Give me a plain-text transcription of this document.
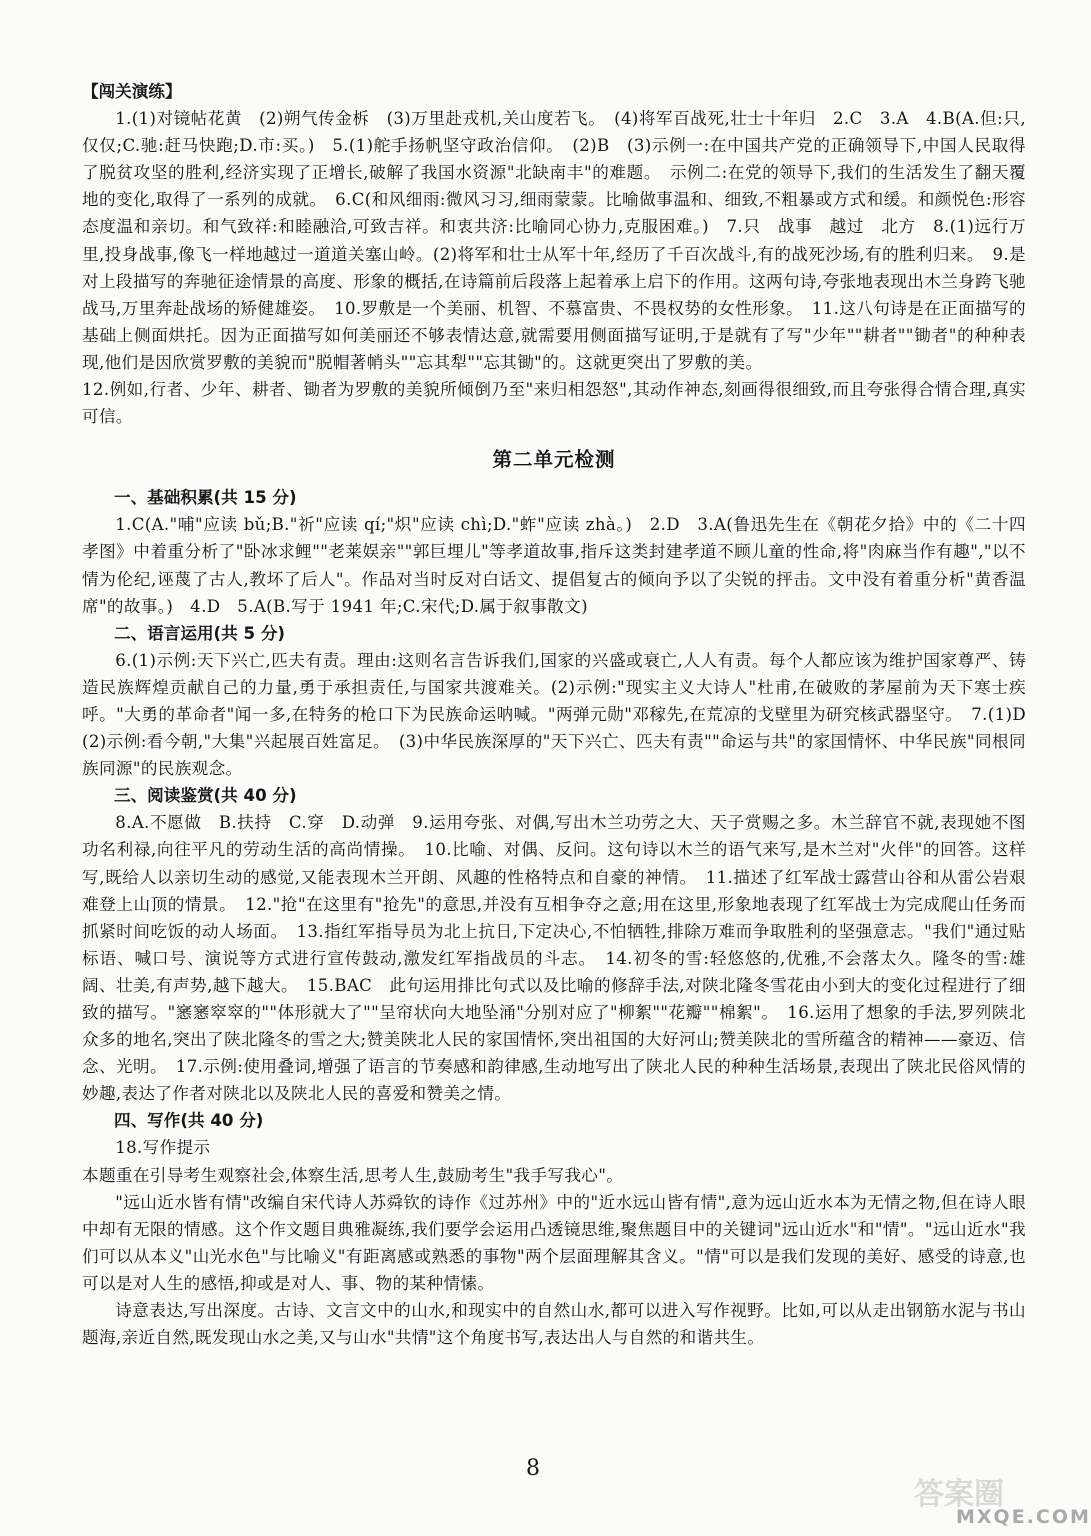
【闯关演练】

1.(1)对镜帖花黄　(2)朔气传金柝　(3)万里赴戎机,关山度若飞。　(4)将军百战死,壮士十年归　2.C　3.A　4.B(A.但:只,仅仅;C.驰:赶马快跑;D.市:买。)　5.(1)舵手扬帆坚守政治信仰。　(2)B　(3)示例一:在中国共产党的正确领导下,中国人民取得了脱贫攻坚的胜利,经济实现了正增长,破解了我国水资源"北缺南丰"的难题。　示例二:在党的领导下,我们的生活发生了翻天覆地的变化,取得了一系列的成就。　6.C(和风细雨:微风习习,细雨蒙蒙。比喻做事温和、细致,不粗暴或方式和缓。和颜悦色:形容态度温和亲切。和气致祥:和睦融洽,可致吉祥。和衷共济:比喻同心协力,克服困难。)　7.只　战事　越过　北方　8.(1)远行万里,投身战事,像飞一样地越过一道道关塞山岭。(2)将军和壮士从军十年,经历了千百次战斗,有的战死沙场,有的胜利归来。　9.是对上段描写的奔驰征途情景的高度、形象的概括,在诗篇前后段落上起着承上启下的作用。这两句诗,夸张地表现出木兰身跨飞驰战马,万里奔赴战场的矫健雄姿。　10.罗敷是一个美丽、机智、不慕富贵、不畏权势的女性形象。　11.这八句诗是在正面描写的基础上侧面烘托。因为正面描写如何美丽还不够表情达意,就需要用侧面描写证明,于是就有了写"少年""耕者""锄者"的种种表现,他们是因欣赏罗敷的美貌而"脱帽著帩头""忘其犁""忘其锄"的。这就更突出了罗敷的美。

12.例如,行者、少年、耕者、锄者为罗敷的美貌所倾倒乃至"来归相怨怒",其动作神态,刻画得很细致,而且夸张得合情合理,真实可信。

第二单元检测
一、基础积累(共 15 分)

1.C(A."哺"应读 bǔ;B."祈"应读 qí;"炽"应读 chì;D."蚱"应读 zhà。)　2.D　3.A(鲁迅先生在《朝花夕拾》中的《二十四孝图》中着重分析了"卧冰求鲤""老莱娱亲""郭巨埋儿"等孝道故事,指斥这类封建孝道不顾儿童的性命,将"肉麻当作有趣","以不情为伦纪,诬蔑了古人,教坏了后人"。作品对当时反对白话文、提倡复古的倾向予以了尖锐的抨击。文中没有着重分析"黄香温席"的故事。)　4.D　5.A(B.写于 1941 年;C.宋代;D.属于叙事散文)

二、语言运用(共 5 分)

6.(1)示例:天下兴亡,匹夫有责。理由:这则名言告诉我们,国家的兴盛或衰亡,人人有责。每个人都应该为维护国家尊严、铸造民族辉煌贡献自己的力量,勇于承担责任,与国家共渡难关。(2)示例:"现实主义大诗人"杜甫,在破败的茅屋前为天下寒士疾呼。"大勇的革命者"闻一多,在特务的枪口下为民族命运呐喊。"两弹元勋"邓稼先,在荒凉的戈壁里为研究核武器坚守。　7.(1)D　(2)示例:看今朝,"大集"兴起展百姓富足。　(3)中华民族深厚的"天下兴亡、匹夫有责""命运与共"的家国情怀、中华民族"同根同族同源"的民族观念。

三、阅读鉴赏(共 40 分)

8.A.不愿做　B.扶持　C.穿　D.动弹　9.运用夸张、对偶,写出木兰功劳之大、天子赏赐之多。木兰辞官不就,表现她不图功名利禄,向往平凡的劳动生活的高尚情操。　10.比喻、对偶、反问。这句诗以木兰的语气来写,是木兰对"火伴"的回答。这样写,既给人以亲切生动的感觉,又能表现木兰开朗、风趣的性格特点和自豪的神情。　11.描述了红军战士露营山谷和从雷公岩艰难登上山顶的情景。　12."抢"在这里有"抢先"的意思,并没有互相争夺之意;用在这里,形象地表现了红军战士为完成爬山任务而抓紧时间吃饭的动人场面。　13.指红军指导员为北上抗日,下定决心,不怕牺牲,排除万难而争取胜利的坚强意志。"我们"通过贴标语、喊口号、演说等方式进行宣传鼓动,激发红军指战员的斗志。　14.初冬的雪:轻悠悠的,优雅,不会落太久。隆冬的雪:雄阔、壮美,有声势,越下越大。　15.BAC　此句运用排比句式以及比喻的修辞手法,对陕北隆冬雪花由小到大的变化过程进行了细致的描写。"窸窸窣窣的""体形就大了""呈帘状向大地坠涌"分别对应了"柳絮""花瓣""棉絮"。　16.运用了想象的手法,罗列陕北众多的地名,突出了陕北隆冬的雪之大;赞美陕北人民的家国情怀,突出祖国的大好河山;赞美陕北的雪所蕴含的精神——豪迈、信念、光明。　17.示例:使用叠词,增强了语言的节奏感和韵律感,生动地写出了陕北人民的种种生活场景,表现出了陕北民俗风情的妙趣,表达了作者对陕北以及陕北人民的喜爱和赞美之情。

四、写作(共 40 分)

18.写作提示

本题重在引导考生观察社会,体察生活,思考人生,鼓励考生"我手写我心"。

"远山近水皆有情"改编自宋代诗人苏舜钦的诗作《过苏州》中的"近水远山皆有情",意为远山近水本为无情之物,但在诗人眼中却有无限的情感。这个作文题目典雅凝练,我们要学会运用凸透镜思维,聚焦题目中的关键词"远山近水"和"情"。"远山近水"我们可以从本义"山光水色"与比喻义"有距离感或熟悉的事物"两个层面理解其含义。"情"可以是我们发现的美好、感受的诗意,也可以是对人生的感悟,抑或是对人、事、物的某种情愫。

诗意表达,写出深度。古诗、文言文中的山水,和现实中的自然山水,都可以进入写作视野。比如,可以从走出钢筋水泥与书山题海,亲近自然,既发现山水之美,又与山水"共情"这个角度书写,表达出人与自然的和谐共生。

8
答案圈
MXQE.COM
